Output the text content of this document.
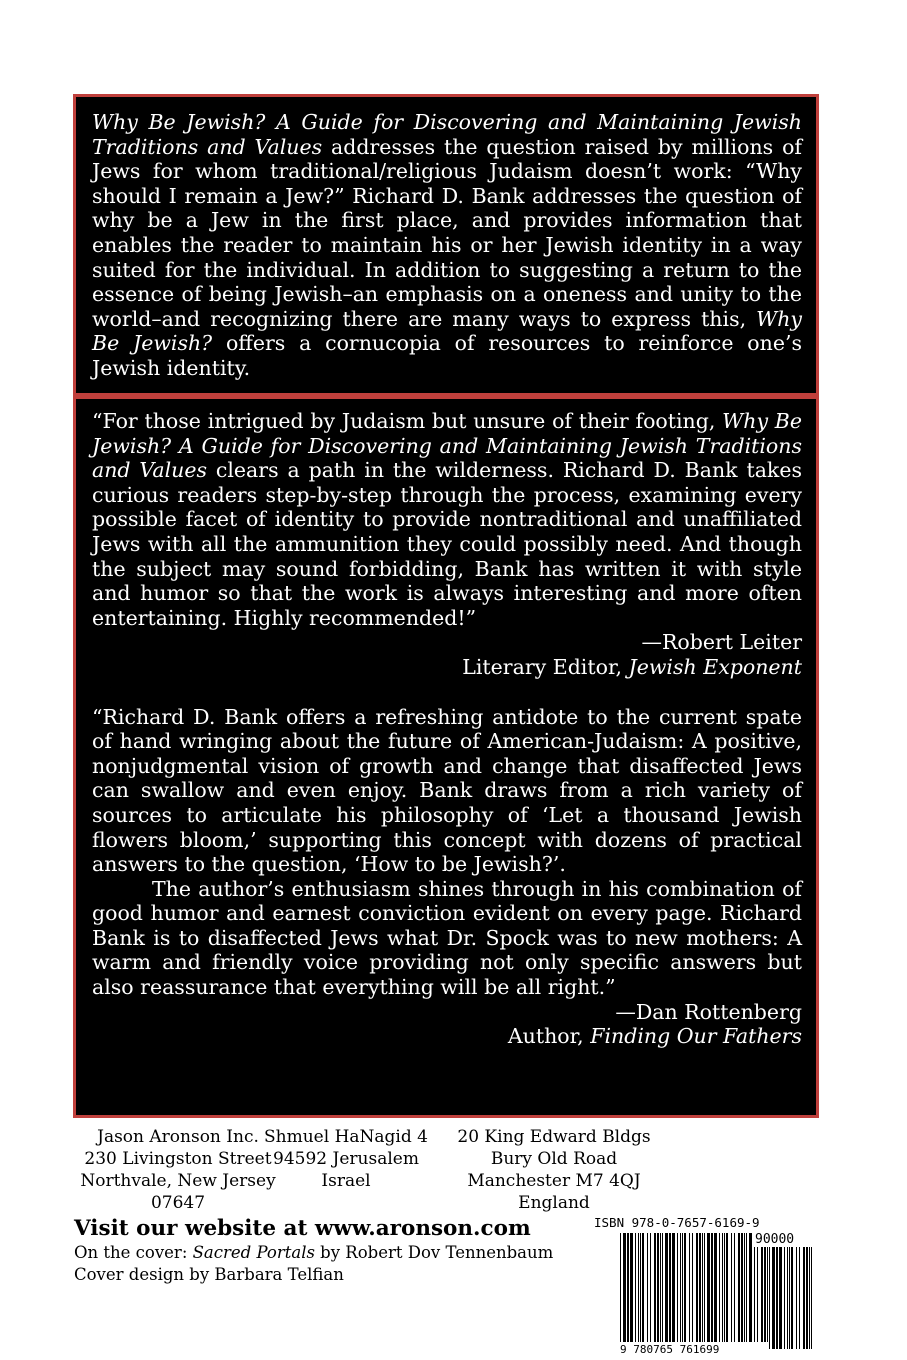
Why Be Jewish? A Guide for Discovering and Maintaining Jewish Traditions and Values addresses the question raised by millions of Jews for whom traditional/religious Judaism doesn’t work: “Why should I remain a Jew?” Richard D. Bank addresses the question of why be a Jew in the first place, and provides information that enables the reader to maintain his or her Jewish identity in a way suited for the individual. In addition to suggesting a return to the essence of being Jewish–an emphasis on a oneness and unity to the world–and recognizing there are many ways to express this, Why Be Jewish? offers a cornucopia of resources to reinforce one’s Jewish identity.

“For those intrigued by Judaism but unsure of their footing, Why Be Jewish? A Guide for Discovering and Maintaining Jewish Traditions and Values clears a path in the wilderness. Richard D. Bank takes curious readers step-by-step through the process, examining every possible facet of identity to provide nontraditional and unaffiliated Jews with all the ammunition they could possibly need. And though the subject may sound forbidding, Bank has written it with style and humor so that the work is always interesting and more often entertaining. Highly recommended!”

—Robert Leiter

Literary Editor, Jewish Exponent

“Richard D. Bank offers a refreshing antidote to the current spate of hand wringing about the future of American-Judaism: A positive, nonjudgmental vision of growth and change that disaffected Jews can swallow and even enjoy. Bank draws from a rich variety of sources to articulate his philosophy of ‘Let a thousand Jewish flowers bloom,’ supporting this concept with dozens of practical answers to the question, ‘How to be Jewish?’.

The author’s enthusiasm shines through in his combination of good humor and earnest conviction evident on every page. Richard Bank is to disaffected Jews what Dr. Spock was to new mothers: A warm and friendly voice providing not only specific answers but also reassurance that everything will be all right.”

—Dan Rottenberg

Author, Finding Our Fathers

Jason Aronson Inc.
230 Livingston Street
Northvale, New Jersey
07647
Shmuel HaNagid 4
94592 Jerusalem
Israel
20 King Edward Bldgs
Bury Old Road
Manchester M7 4QJ
England
Visit our website at www.aronson.com
On the cover: Sacred Portals by Robert Dov Tennenbaum
Cover design by Barbara Telfian
ISBN 978-0-7657-6169-9
90000
9 780765 761699
